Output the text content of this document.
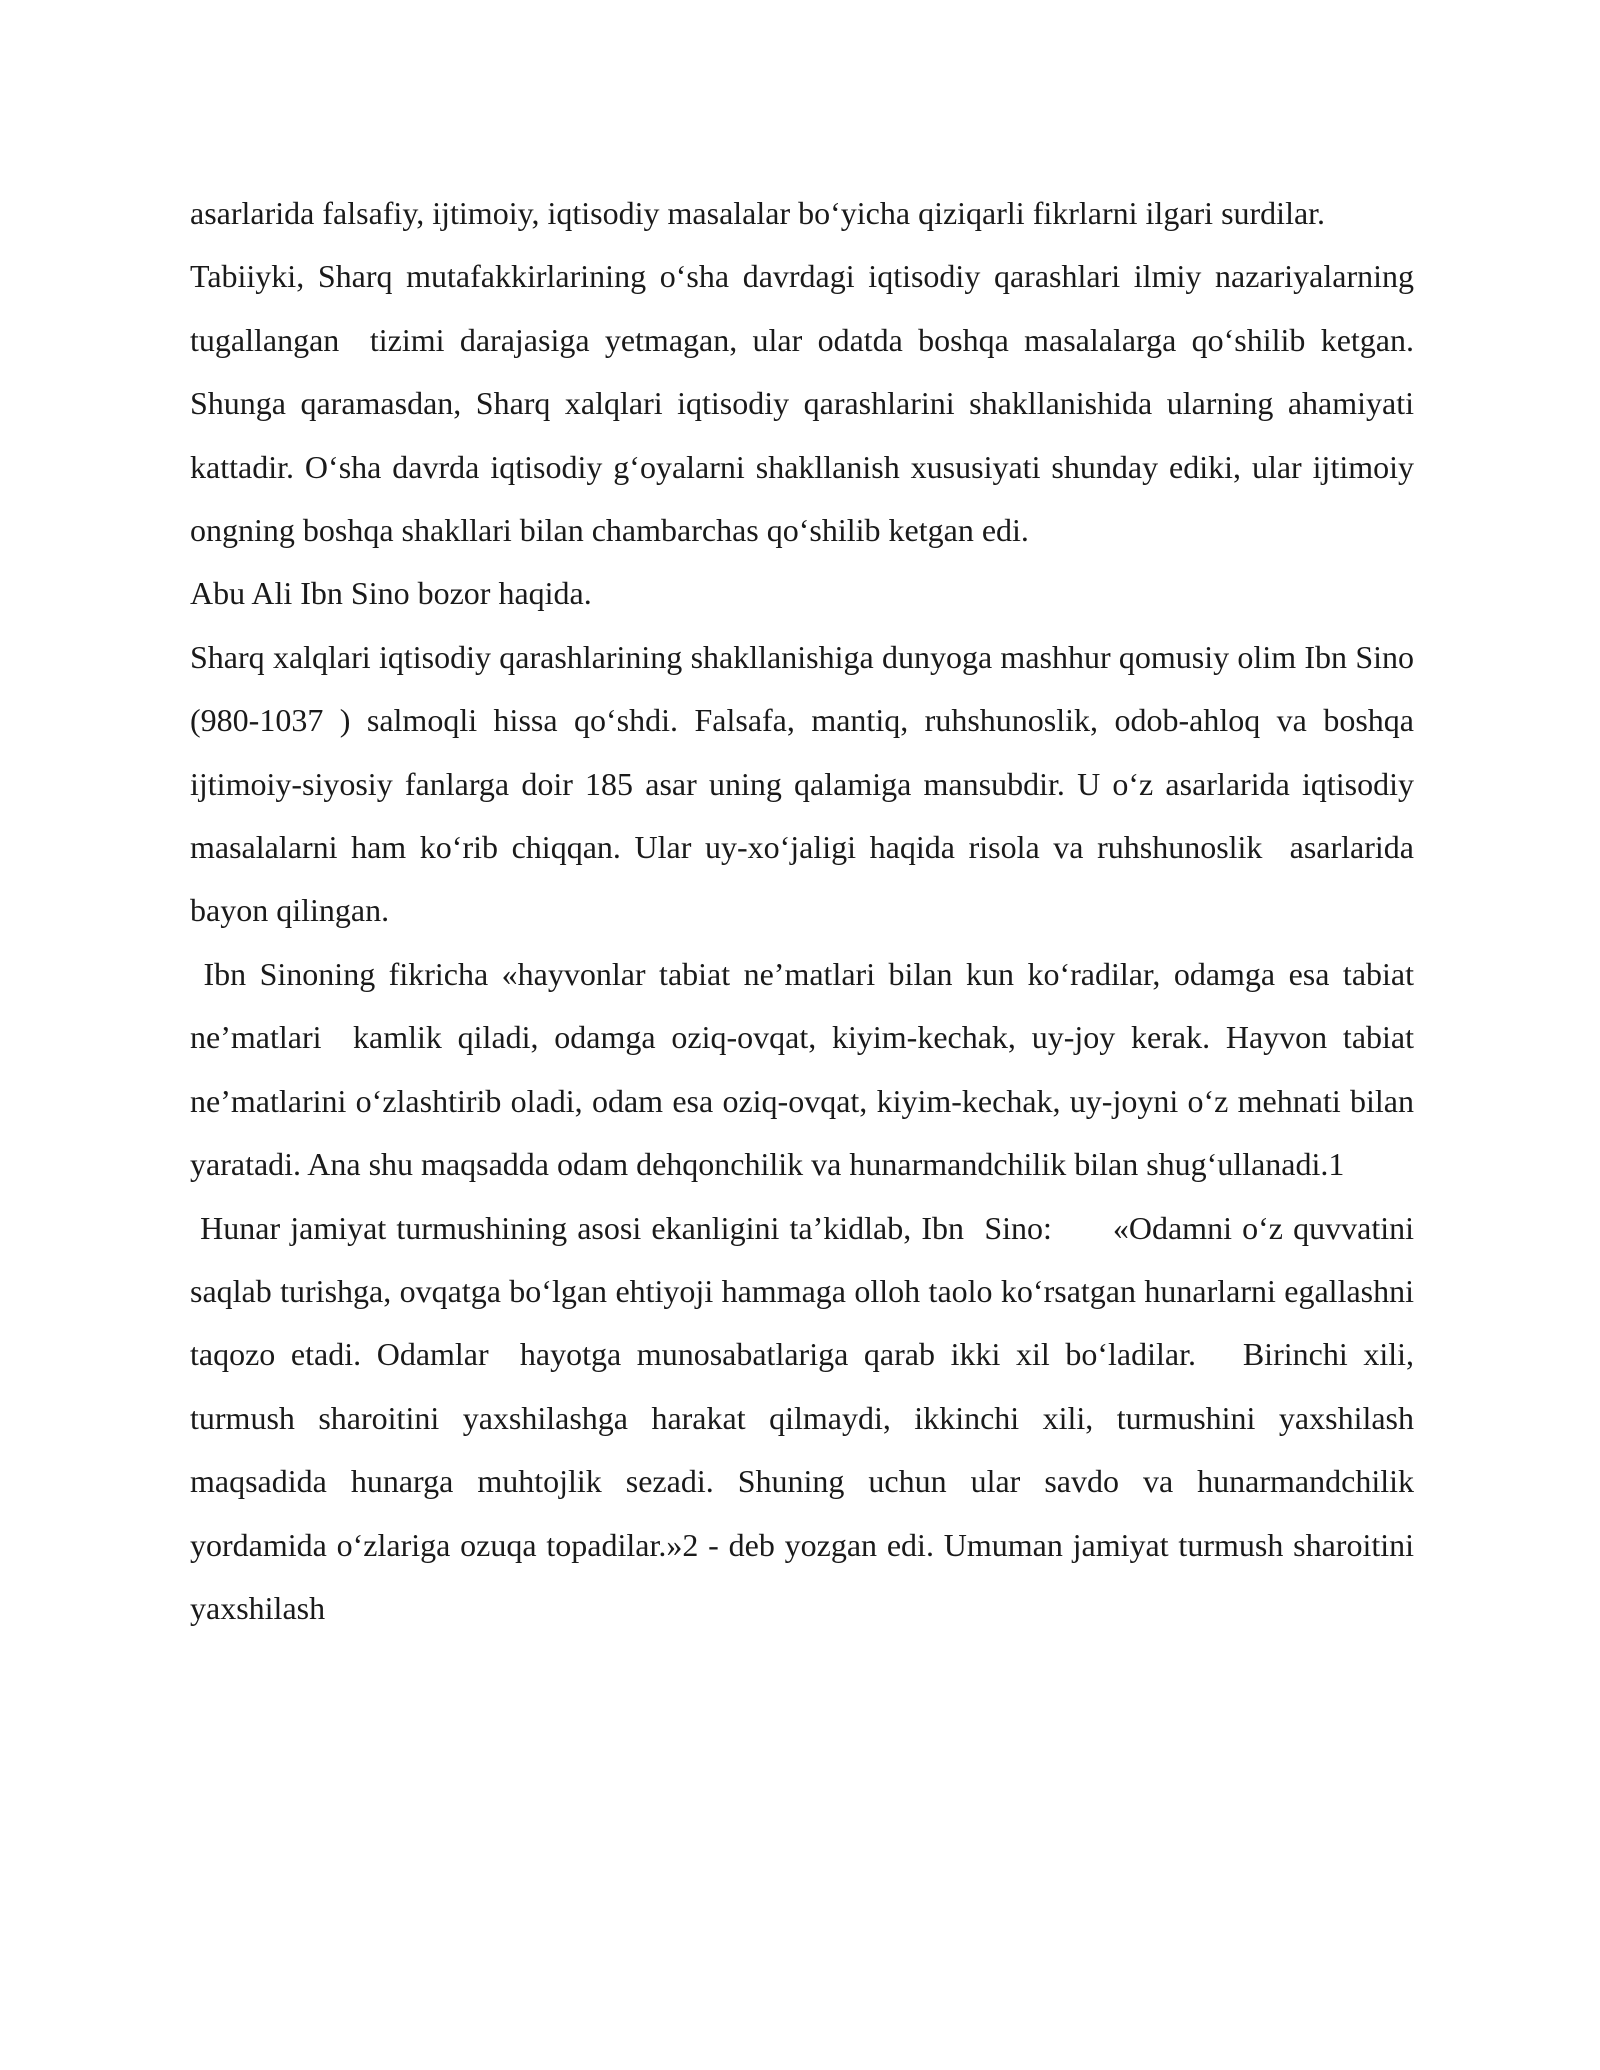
asarlarida falsafiy, ijtimoiy, iqtisodiy masalalar bo‘yicha qiziqarli fikrlarni ilgari surdilar.

Tabiiyki, Sharq mutafakkirlarining o‘sha davrdagi iqtisodiy qarashlari ilmiy nazariyalarning tugallangan  tizimi darajasiga yetmagan, ular odatda boshqa masalalarga qo‘shilib ketgan. Shunga qaramasdan, Sharq xalqlari iqtisodiy qarashlarini shakllanishida ularning ahamiyati kattadir. O‘sha davrda iqtisodiy g‘oyalarni shakllanish xususiyati shunday ediki, ular ijtimoiy ongning boshqa shakllari bilan chambarchas qo‘shilib ketgan edi.

Abu Ali Ibn Sino bozor haqida.

Sharq xalqlari iqtisodiy qarashlarining shakllanishiga dunyoga mashhur qomusiy olim Ibn Sino (980-1037 ) salmoqli hissa qo‘shdi. Falsafa, mantiq, ruhshunoslik, odob-ahloq va boshqa ijtimoiy-siyosiy fanlarga doir 185 asar uning qalamiga mansubdir. U o‘z asarlarida iqtisodiy masalalarni ham ko‘rib chiqqan. Ular uy-xo‘jaligi haqida risola va ruhshunoslik  asarlarida bayon qilingan.

Ibn Sinoning fikricha «hayvonlar tabiat ne’matlari bilan kun ko‘radilar, odamga esa tabiat ne’matlari  kamlik qiladi, odamga oziq-ovqat, kiyim-kechak, uy-joy kerak. Hayvon tabiat ne’matlarini o‘zlashtirib oladi, odam esa oziq-ovqat, kiyim-kechak, uy-joyni o‘z mehnati bilan yaratadi. Ana shu maqsadda odam dehqonchilik va hunarmandchilik bilan shug‘ullanadi.1

Hunar jamiyat turmushining asosi ekanligini ta’kidlab, Ibn  Sino:      «Odamni o‘z quvvatini saqlab turishga, ovqatga bo‘lgan ehtiyoji hammaga olloh taolo ko‘rsatgan hunarlarni egallashni taqozo etadi. Odamlar  hayotga munosabatlariga qarab ikki xil bo‘ladilar.   Birinchi xili,  turmush sharoitini yaxshilashga harakat qilmaydi, ikkinchi xili, turmushini yaxshilash maqsadida hunarga muhtojlik sezadi. Shuning uchun ular savdo va hunarmandchilik  yordamida o‘zlariga ozuqa topadilar.»2 - deb yozgan edi. Umuman jamiyat turmush sharoitini    yaxshilash
